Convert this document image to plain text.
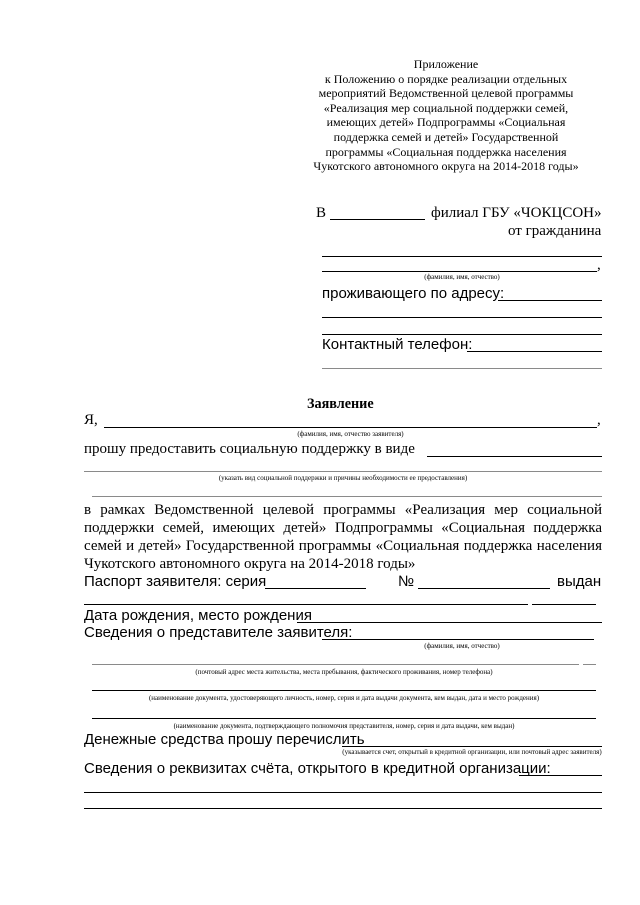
Приложение
к Положению о порядке реализации отдельных
мероприятий Ведомственной целевой программы
«Реализация мер социальной поддержки семей,
имеющих детей» Подпрограммы «Социальная
поддержка семей и детей» Государственной
программы «Социальная поддержка населения
Чукотского автономного округа на 2014-2018 годы»
В	филиал ГБУ «ЧОКЦСОН»
от гражданина
,
(фамилия, имя, отчество)
проживающего по адресу:
Контактный телефон:
Заявление
Я,	,
(фамилия, имя, отчество заявителя)
прошу предоставить социальную поддержку в виде
(указать вид социальной поддержки и причины необходимости ее предоставления)
в рамках Ведомственной целевой программы «Реализация мер социальной
поддержки семей, имеющих детей» Подпрограммы «Социальная поддержка
семей и детей» Государственной программы «Социальная поддержка населения
Чукотского автономного округа на 2014-2018 годы»
Паспорт заявителя: серия	№	выдан
Дата рождения, место рождения
Сведения о представителе заявителя:
(фамилия, имя, отчество)
(почтовый адрес места жительства, места пребывания, фактического проживания, номер телефона)
(наименование документа, удостоверяющего личность, номер, серия и дата выдачи документа, кем выдан, дата и место рождения)
(наименование документа, подтверждающего полномочия представителя, номер, серия и дата выдачи, кем выдан)
Денежные средства прошу перечислить
(указывается счет, открытый в кредитной организации, или почтовый адрес заявителя)
Сведения о реквизитах счёта, открытого в кредитной организации:
